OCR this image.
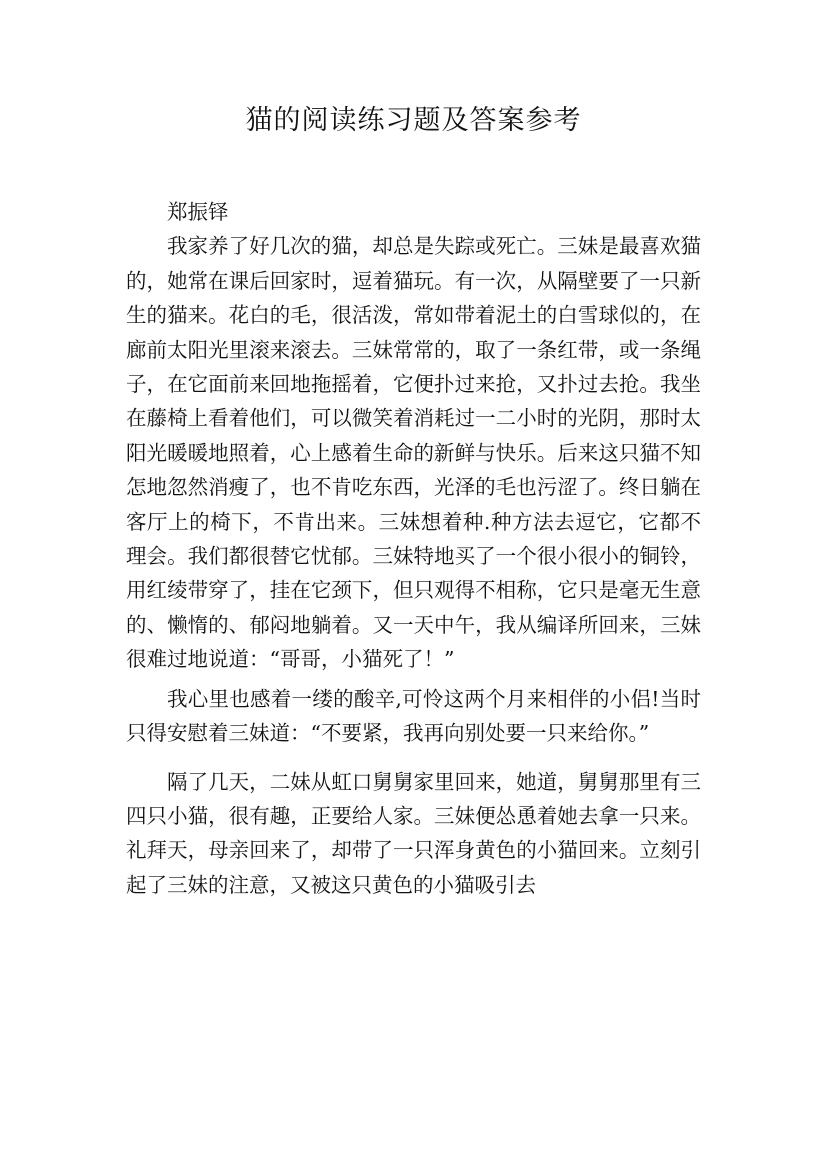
猫的阅读练习题及答案参考

郑振铎

我家养了好几次的猫，却总是失踪或死亡。三妹是最喜欢猫的，她常在课后回家时，逗着猫玩。有一次，从隔壁要了一只新生的猫来。花白的毛，很活泼，常如带着泥土的白雪球似的，在廊前太阳光里滚来滚去。三妹常常的，取了一条红带，或一条绳子，在它面前来回地拖摇着，它便扑过来抢，又扑过去抢。我坐在藤椅上看着他们，可以微笑着消耗过一二小时的光阴，那时太阳光暖暖地照着，心上感着生命的新鲜与快乐。后来这只猫不知怎地忽然消瘦了，也不肯吃东西，光泽的毛也污涩了。终日躺在客厅上的椅下，不肯出来。三妹想着种.种方法去逗它，它都不理会。我们都很替它忧郁。三妹特地买了一个很小很小的铜铃，用红绫带穿了，挂在它颈下，但只观得不相称，它只是毫无生意的、懒惰的、郁闷地躺着。又一天中午，我从编译所回来，三妹很难过地说道：“哥哥，小猫死了！”

我心里也感着一缕的酸辛,可怜这两个月来相伴的小侣!当时只得安慰着三妹道：“不要紧，我再向别处要一只来给你。”

隔了几天，二妹从虹口舅舅家里回来，她道，舅舅那里有三四只小猫，很有趣，正要给人家。三妹便怂恿着她去拿一只来。礼拜天，母亲回来了，却带了一只浑身黄色的小猫回来。立刻引起了三妹的注意，又被这只黄色的小猫吸引去
